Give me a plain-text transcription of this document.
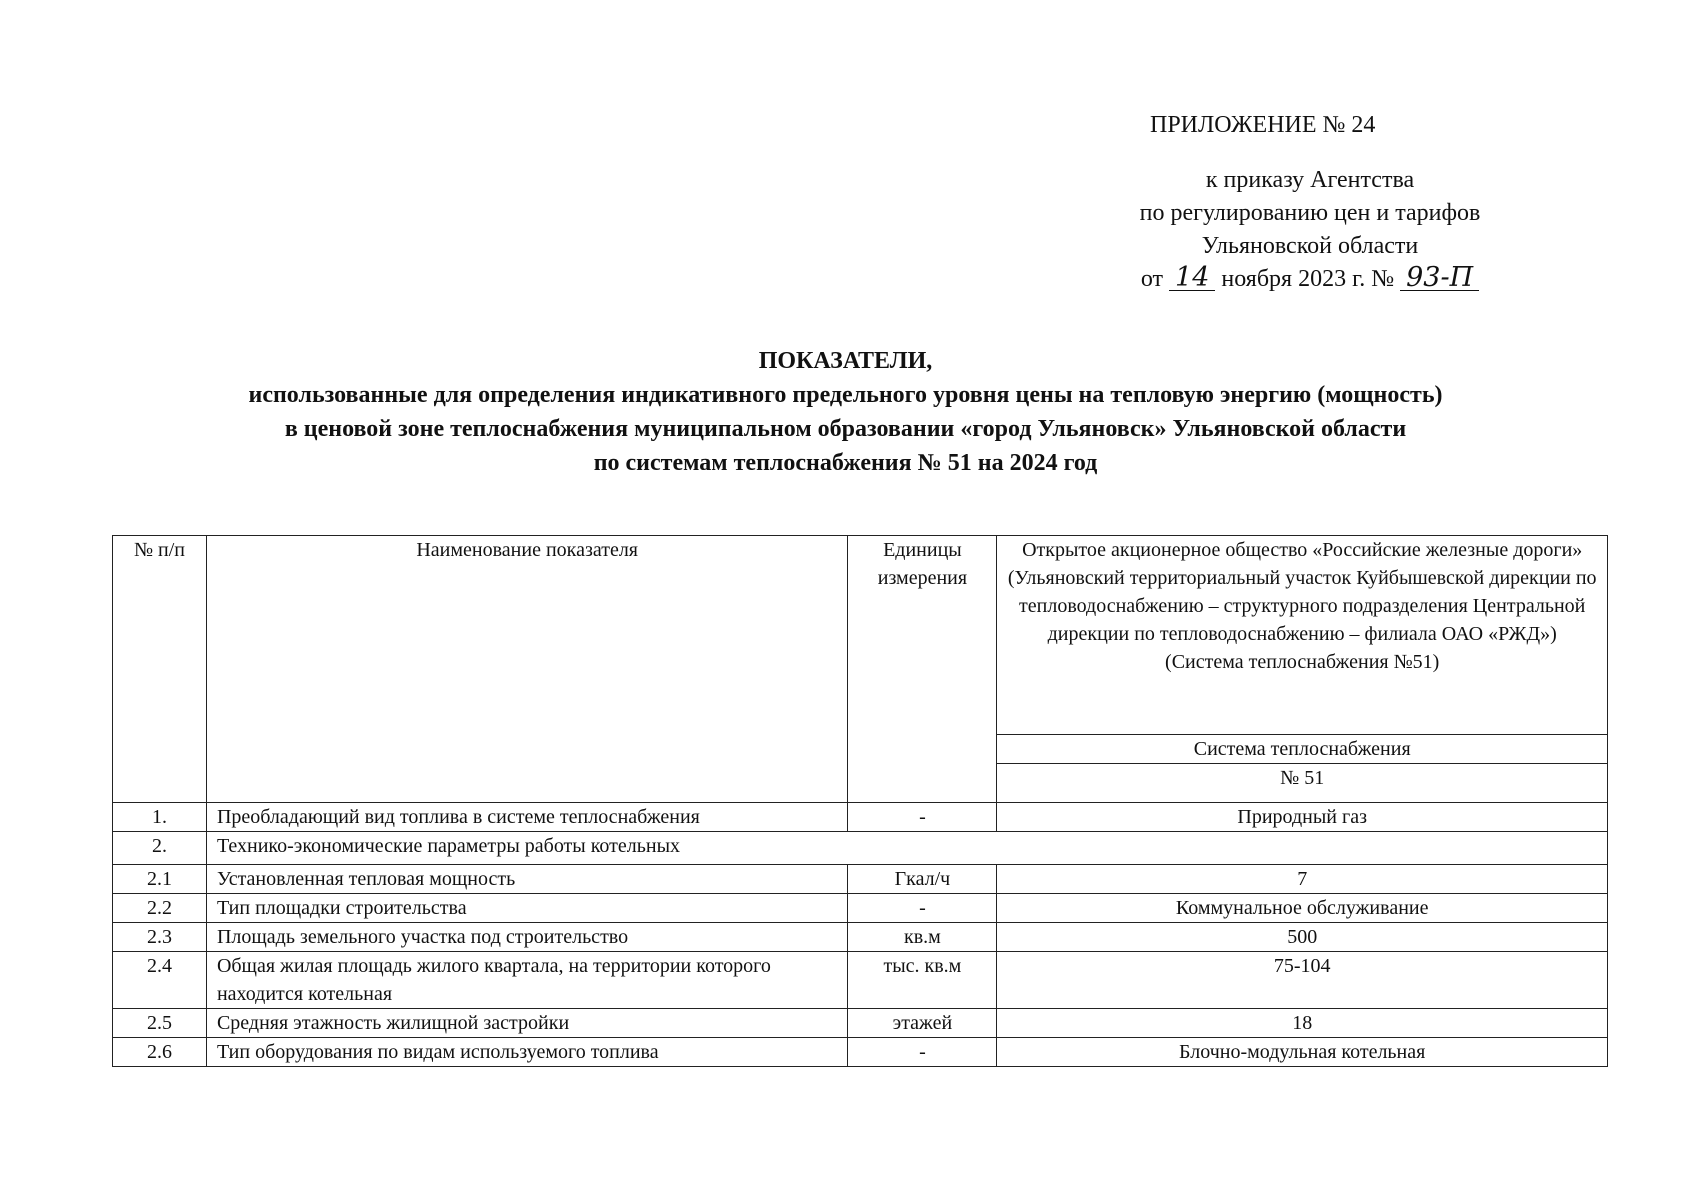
ПРИЛОЖЕНИЕ № 24
к приказу Агентства
по регулированию цен и тарифов
Ульяновской области
от 14 ноября 2023 г. № 93-П
ПОКАЗАТЕЛИ,
использованные для определения индикативного предельного уровня цены на тепловую энергию (мощность)
в ценовой зоне теплоснабжения муниципальном образовании «город Ульяновск» Ульяновской области
по системам теплоснабжения № 51 на 2024 год
№ п/п	Наименование показателя	Единицы измерения	Открытое акционерное общество «Российские железные дороги» (Ульяновский территориальный участок Куйбышевской дирекции по тепловодоснабжению – структурного подразделения Центральной дирекции по тепловодоснабжению – филиала ОАО «РЖД») (Система теплоснабжения №51)
			Система теплоснабжения
			№ 51
1.	Преобладающий вид топлива в системе теплоснабжения	-	Природный газ
2.	Технико-экономические параметры работы котельных		
2.1	Установленная тепловая мощность	Гкал/ч	7
2.2	Тип площадки строительства	-	Коммунальное обслуживание
2.3	Площадь земельного участка под строительство	кв.м	500
2.4	Общая жилая площадь жилого квартала, на территории которого находится котельная	тыс. кв.м	75-104
2.5	Средняя этажность жилищной застройки	этажей	18
2.6	Тип оборудования по видам используемого топлива	-	Блочно-модульная котельная
